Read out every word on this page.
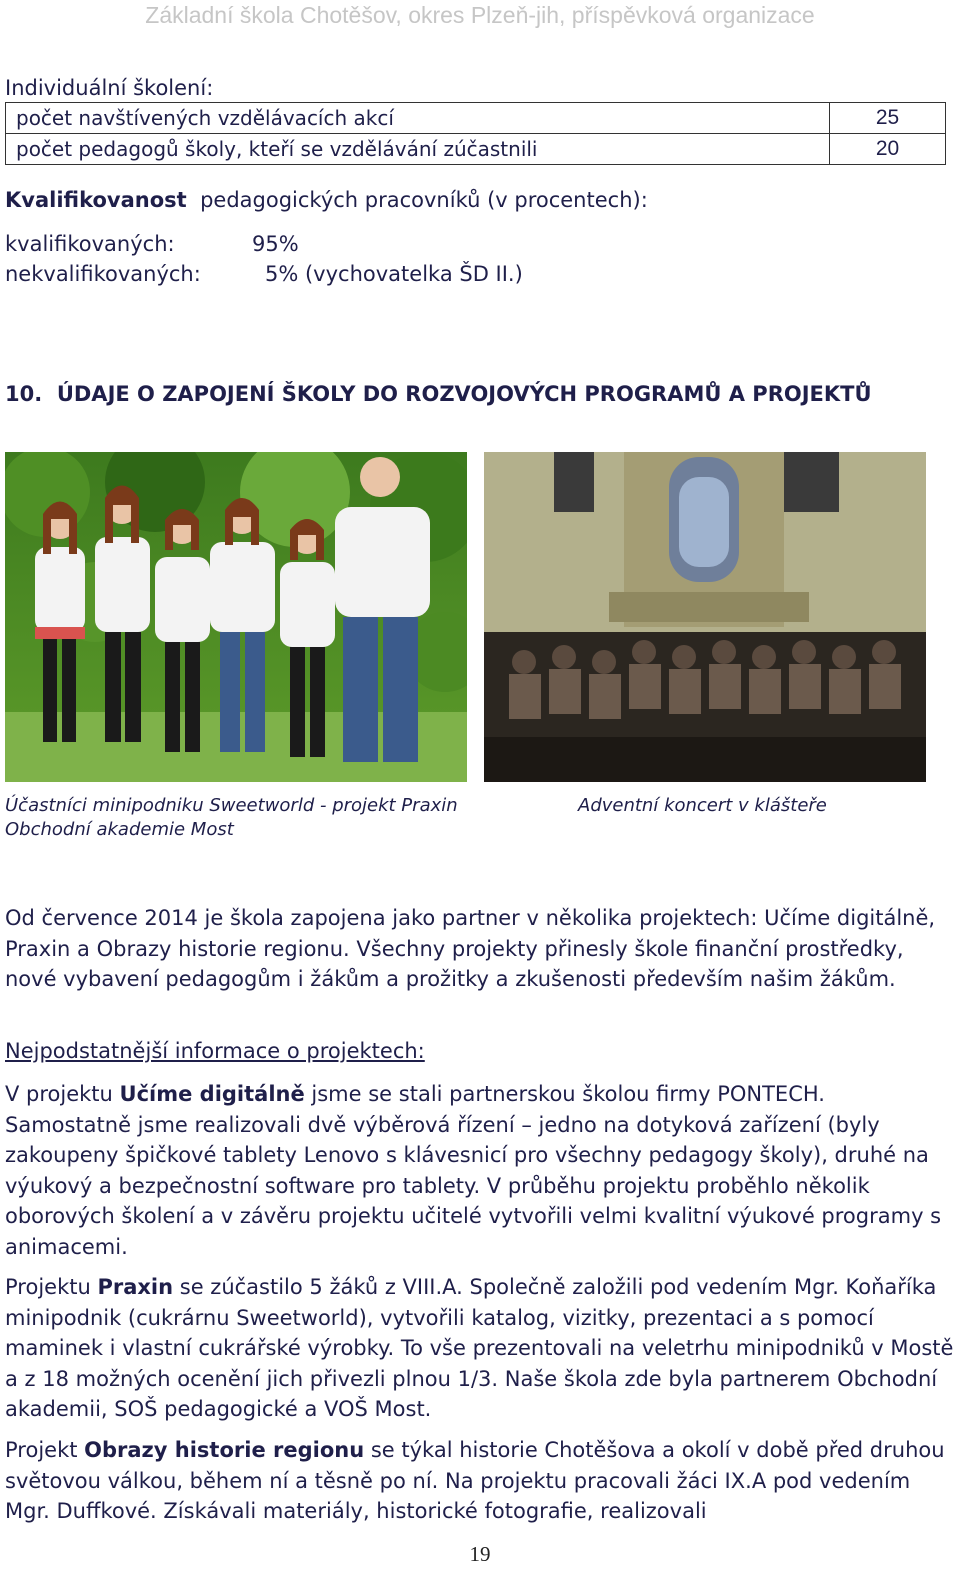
Základní škola Chotěšov, okres Plzeň-jih, příspěvková organizace
Individuální školení:
počet navštívených vzdělávacích akcí	25
počet pedagogů školy, kteří se vzdělávání zúčastnili	20
Kvalifikovanost pedagogických pracovníků (v procentech):
kvalifikovaných:	95%
nekvalifikovaných:	5% (vychovatelka ŠD II.)
10. ÚDAJE O ZAPOJENÍ ŠKOLY DO ROZVOJOVÝCH PROGRAMŮ A PROJEKTŮ
Účastníci minipodniku Sweetworld - projekt Praxin
Obchodní akademie Most
Adventní koncert v klášteře
Od července 2014 je škola zapojena jako partner v několika projektech: Učíme digitálně, Praxin a Obrazy historie regionu. Všechny projekty přinesly škole finanční prostředky, nové vybavení pedagogům i žákům a prožitky a zkušenosti především našim žákům.
Nejpodstatnější informace o projektech:
V projektu Učíme digitálně jsme se stali partnerskou školou firmy PONTECH. Samostatně jsme realizovali dvě výběrová řízení – jedno na dotyková zařízení (byly zakoupeny špičkové tablety Lenovo s klávesnicí pro všechny pedagogy školy), druhé na výukový a bezpečnostní software pro tablety. V průběhu projektu proběhlo několik oborových školení a v závěru projektu učitelé vytvořili velmi kvalitní výukové programy s animacemi.
Projektu Praxin se zúčastilo 5 žáků z VIII.A. Společně založili pod vedením Mgr. Koňaříka minipodnik (cukrárnu Sweetworld), vytvořili katalog, vizitky, prezentaci a s pomocí maminek i vlastní cukrářské výrobky. To vše prezentovali na veletrhu minipodniků v Mostě a z 18 možných ocenění jich přivezli plnou 1/3. Naše škola zde byla partnerem Obchodní akademii, SOŠ pedagogické a VOŠ Most.
Projekt Obrazy historie regionu se týkal historie Chotěšova a okolí v době před druhou světovou válkou, během ní a těsně po ní. Na projektu pracovali žáci IX.A pod vedením Mgr. Duffkové. Získávali materiály, historické fotografie, realizovali
19
